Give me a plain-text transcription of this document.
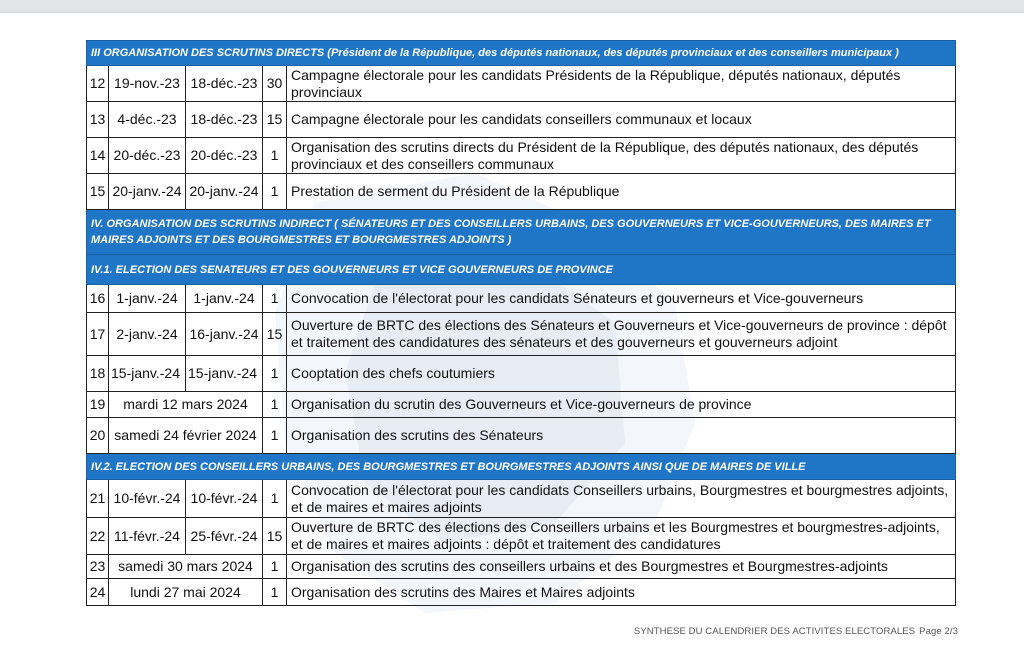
III ORGANISATION DES SCRUTINS DIRECTS (Président de la République, des députés nationaux, des députés provinciaux et des conseillers municipaux )				
12	19-nov.-23	18-déc.-23	30	Campagne électorale pour les candidats Présidents de la République, députés nationaux, députés provinciaux
13	4-déc.-23	18-déc.-23	15	Campagne électorale pour les candidats conseillers communaux et locaux
14	20-déc.-23	20-déc.-23	1	Organisation des scrutins directs du Président de la République, des députés nationaux, des députés provinciaux et des conseillers communaux
15	20-janv.-24	20-janv.-24	1	Prestation de serment du Président de la République
IV. ORGANISATION DES SCRUTINS INDIRECT ( SÉNATEURS ET DES CONSEILLERS URBAINS, DES GOUVERNEURS ET VICE-GOUVERNEURS, DES MAIRES ET MAIRES ADJOINTS ET DES BOURGMESTRES ET BOURGMESTRES ADJOINTS )				
IV.1. ELECTION DES SENATEURS ET DES GOUVERNEURS ET VICE GOUVERNEURS DE PROVINCE				
16	1-janv.-24	1-janv.-24	1	Convocation de l'électorat pour les candidats Sénateurs et gouverneurs et Vice-gouverneurs
17	2-janv.-24	16-janv.-24	15	Ouverture de BRTC des élections des Sénateurs et Gouverneurs et Vice-gouverneurs de province : dépôt et traitement des candidatures des sénateurs et des gouverneurs et gouverneurs adjoint
18	15-janv.-24	15-janv.-24	1	Cooptation des chefs coutumiers
19	mardi 12 mars 2024		1	Organisation du scrutin des Gouverneurs et Vice-gouverneurs de province
20	samedi 24 février 2024		1	Organisation des scrutins des Sénateurs
IV.2. ELECTION DES CONSEILLERS URBAINS, DES BOURGMESTRES ET BOURGMESTRES ADJOINTS AINSI QUE DE MAIRES DE VILLE				
21	10-févr.-24	10-févr.-24	1	Convocation de l'électorat pour les candidats Conseillers urbains, Bourgmestres et bourgmestres adjoints, et de maires et maires adjoints
22	11-févr.-24	25-févr.-24	15	Ouverture de BRTC des élections des Conseillers urbains et les Bourgmestres et bourgmestres-adjoints, et de maires et maires adjoints : dépôt et traitement des candidatures
23	samedi 30 mars 2024		1	Organisation des scrutins des conseillers urbains et des Bourgmestres et Bourgmestres-adjoints
24	lundi 27 mai 2024		1	Organisation des scrutins des Maires et Maires adjoints
SYNTHESE DU CALENDRIER DES ACTIVITES ELECTORALES Page 2/3
